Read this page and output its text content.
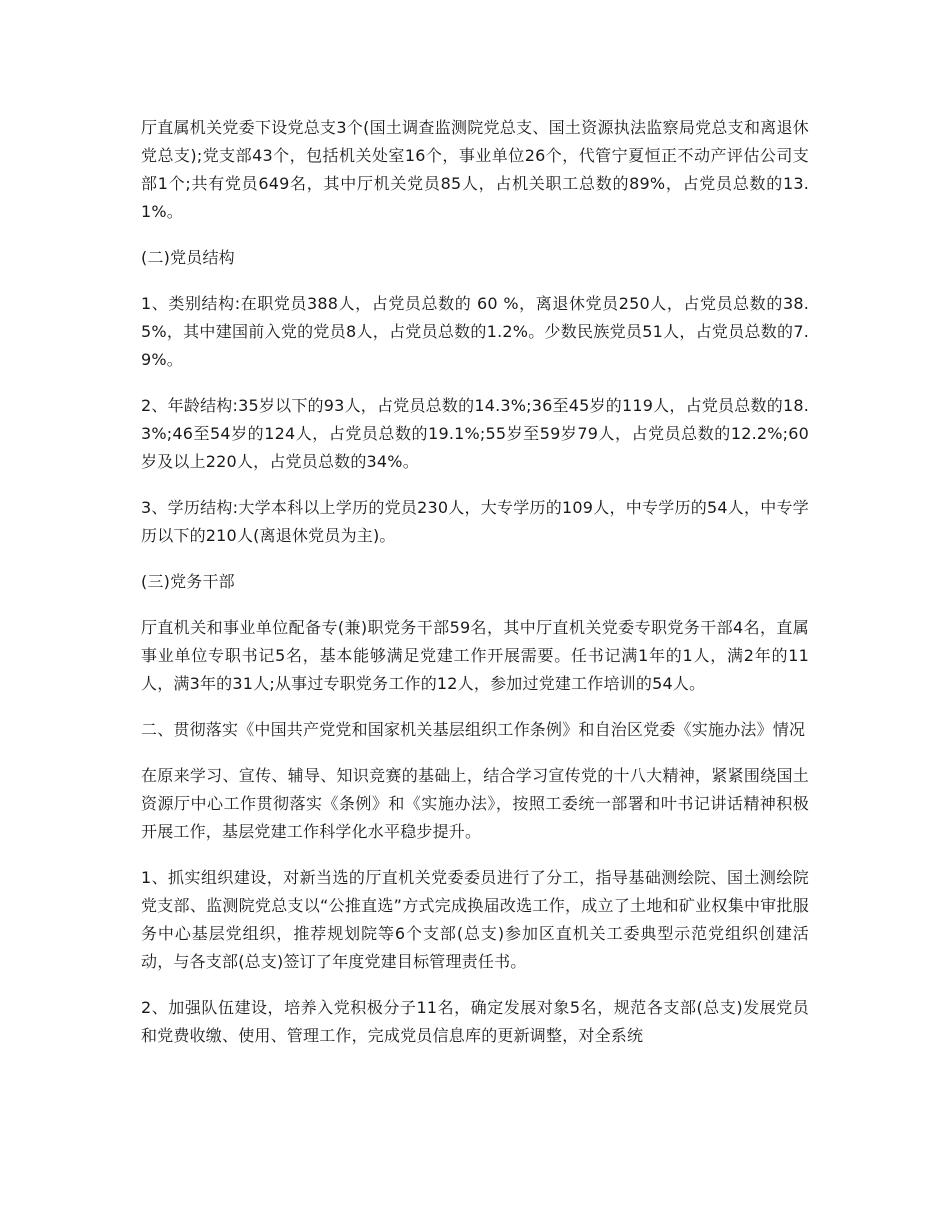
厅直属机关党委下设党总支3个(国土调查监测院党总支、国土资源执法监察局党总支和离退休党总支);党支部43个，包括机关处室16个，事业单位26个，代管宁夏恒正不动产评估公司支部1个;共有党员649名，其中厅机关党员85人，占机关职工总数的89%，占党员总数的13.1%。

(二)党员结构

1、类别结构:在职党员388人，占党员总数的 60 %，离退休党员250人，占党员总数的38.5%，其中建国前入党的党员8人，占党员总数的1.2%。少数民族党员51人，占党员总数的7.9%。

2、年龄结构:35岁以下的93人，占党员总数的14.3%;36至45岁的119人，占党员总数的18.3%;46至54岁的124人，占党员总数的19.1%;55岁至59岁79人，占党员总数的12.2%;60岁及以上220人，占党员总数的34%。

3、学历结构:大学本科以上学历的党员230人，大专学历的109人，中专学历的54人，中专学历以下的210人(离退休党员为主)。

(三)党务干部

厅直机关和事业单位配备专(兼)职党务干部59名，其中厅直机关党委专职党务干部4名，直属事业单位专职书记5名，基本能够满足党建工作开展需要。任书记满1年的1人，满2年的11人，满3年的31人;从事过专职党务工作的12人，参加过党建工作培训的54人。

二、贯彻落实《中国共产党党和国家机关基层组织工作条例》和自治区党委《实施办法》情况

在原来学习、宣传、辅导、知识竞赛的基础上，结合学习宣传党的十八大精神，紧紧围绕国土资源厅中心工作贯彻落实《条例》和《实施办法》，按照工委统一部署和叶书记讲话精神积极开展工作，基层党建工作科学化水平稳步提升。

1、抓实组织建设，对新当选的厅直机关党委委员进行了分工，指导基础测绘院、国土测绘院党支部、监测院党总支以“公推直选”方式完成换届改选工作，成立了土地和矿业权集中审批服务中心基层党组织，推荐规划院等6个支部(总支)参加区直机关工委典型示范党组织创建活动，与各支部(总支)签订了年度党建目标管理责任书。

2、加强队伍建设，培养入党积极分子11名，确定发展对象5名，规范各支部(总支)发展党员和党费收缴、使用、管理工作，完成党员信息库的更新调整，对全系统
